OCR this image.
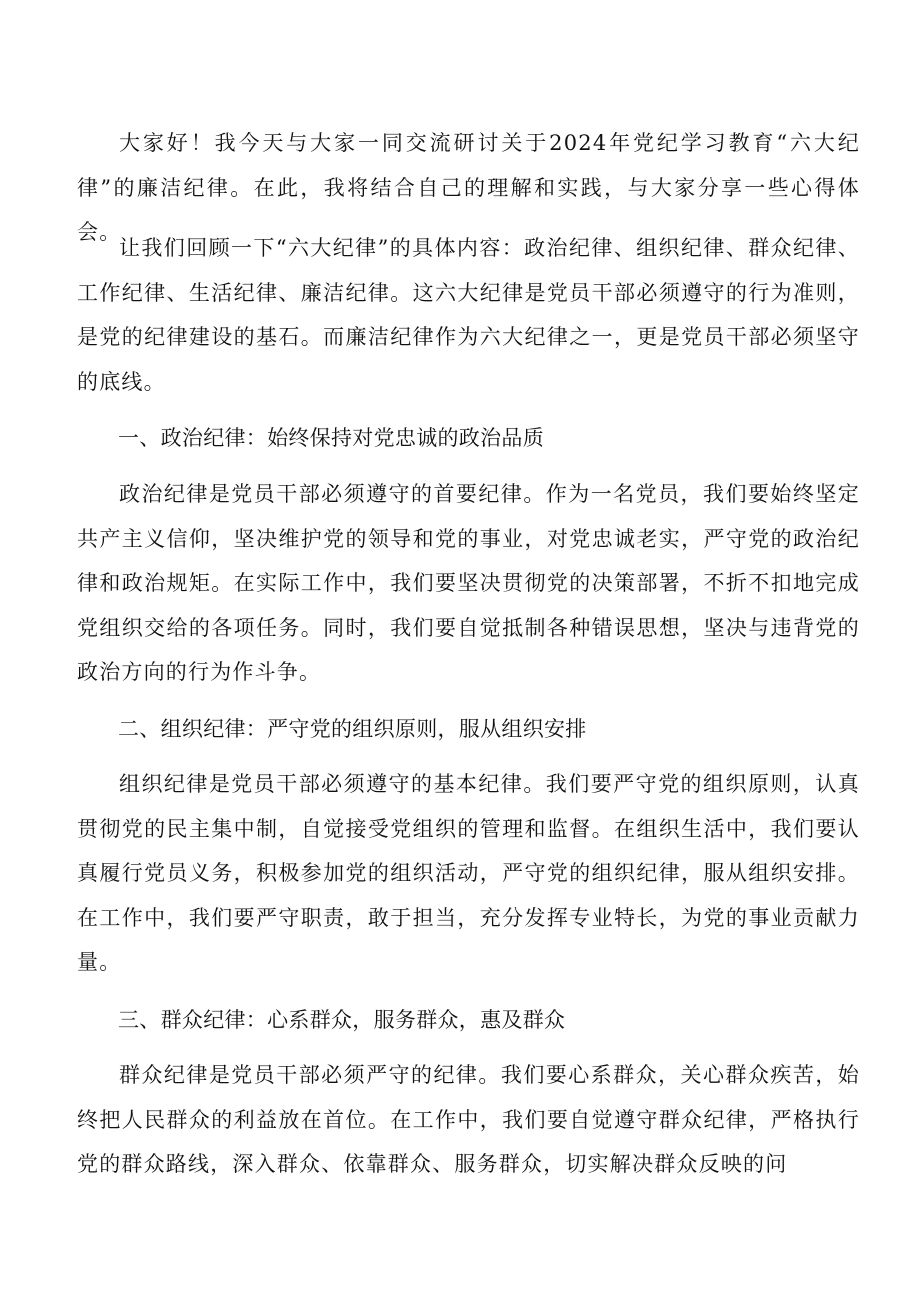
大家好！我今天与大家一同交流研讨关于2024年党纪学习教育“六大纪律”的廉洁纪律。在此，我将结合自己的理解和实践，与大家分享一些心得体会。

让我们回顾一下“六大纪律”的具体内容：政治纪律、组织纪律、群众纪律、工作纪律、生活纪律、廉洁纪律。这六大纪律是党员干部必须遵守的行为准则，是党的纪律建设的基石。而廉洁纪律作为六大纪律之一，更是党员干部必须坚守的底线。

一、政治纪律：始终保持对党忠诚的政治品质

政治纪律是党员干部必须遵守的首要纪律。作为一名党员，我们要始终坚定共产主义信仰，坚决维护党的领导和党的事业，对党忠诚老实，严守党的政治纪律和政治规矩。在实际工作中，我们要坚决贯彻党的决策部署，不折不扣地完成党组织交给的各项任务。同时，我们要自觉抵制各种错误思想，坚决与违背党的政治方向的行为作斗争。

二、组织纪律：严守党的组织原则，服从组织安排

组织纪律是党员干部必须遵守的基本纪律。我们要严守党的组织原则，认真贯彻党的民主集中制，自觉接受党组织的管理和监督。在组织生活中，我们要认真履行党员义务，积极参加党的组织活动，严守党的组织纪律，服从组织安排。在工作中，我们要严守职责，敢于担当，充分发挥专业特长，为党的事业贡献力量。

三、群众纪律：心系群众，服务群众，惠及群众

群众纪律是党员干部必须严守的纪律。我们要心系群众，关心群众疾苦，始终把人民群众的利益放在首位。在工作中，我们要自觉遵守群众纪律，严格执行党的群众路线，深入群众、依靠群众、服务群众，切实解决群众反映的问
